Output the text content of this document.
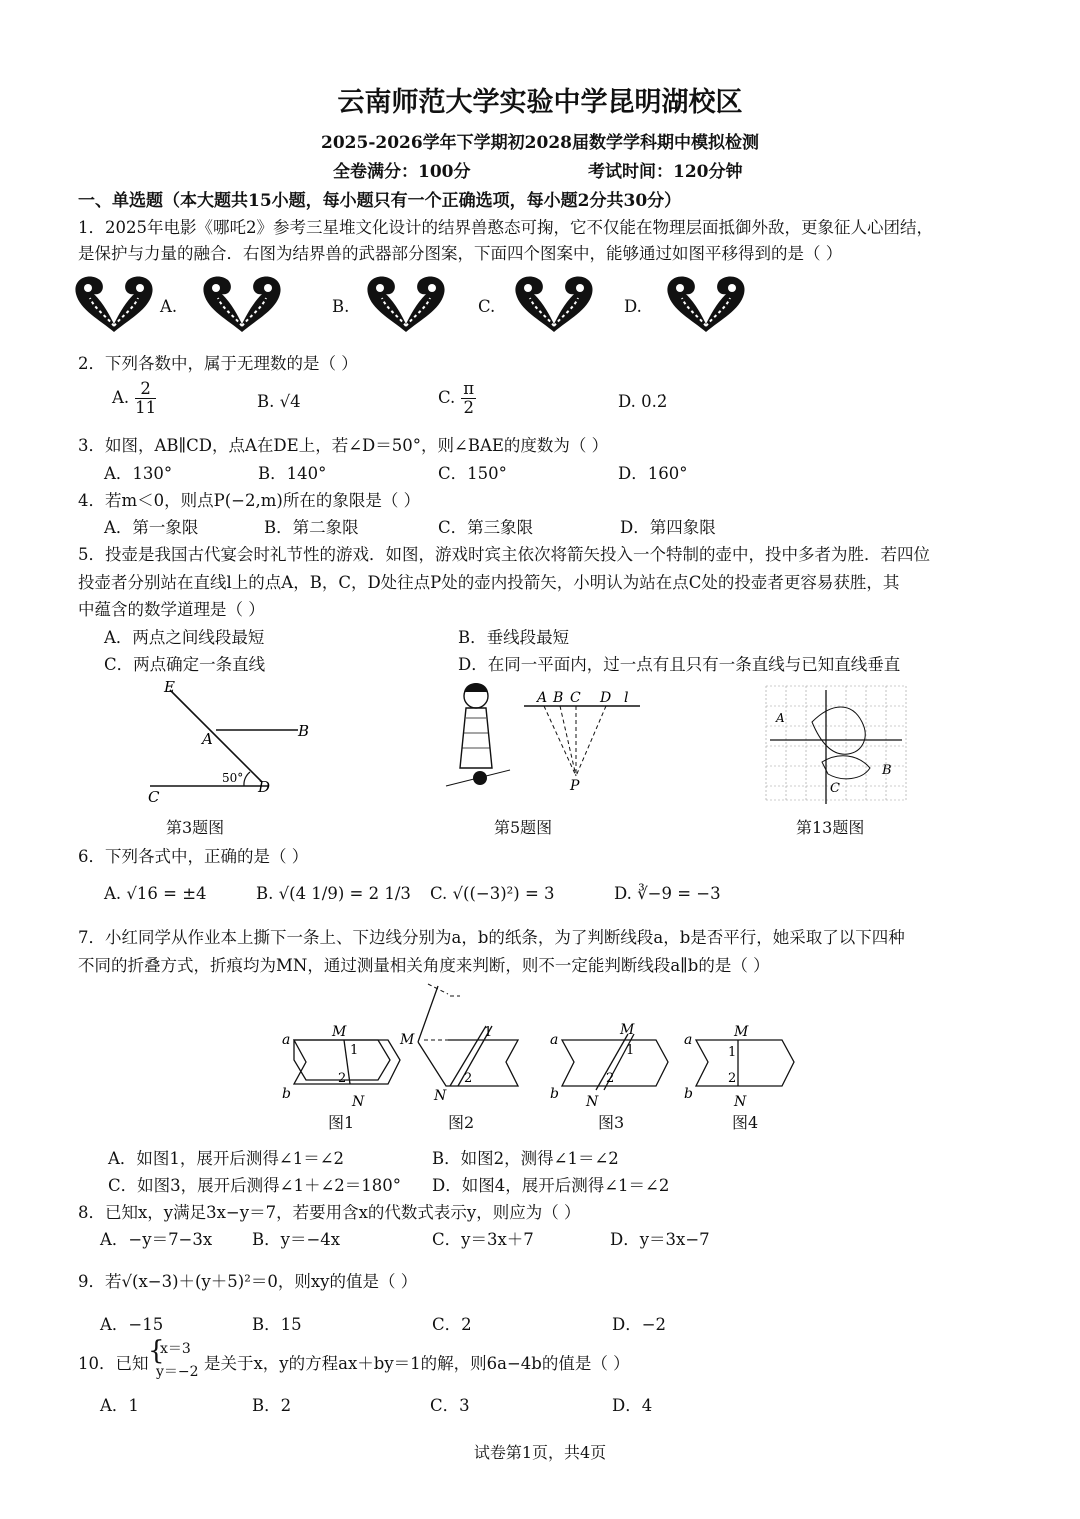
云南师范大学实验中学昆明湖校区
2025-2026学年下学期初2028届数学学科期中模拟检测
全卷满分：100分	考试时间：120分钟
一、单选题（本大题共15小题，每小题只有一个正确选项，每小题2分共30分）
1．2025年电影《哪吒2》参考三星堆文化设计的结界兽憨态可掬，它不仅能在物理层面抵御外敌，更象征人心团结，
是保护与力量的融合．右图为结界兽的武器部分图案，下面四个图案中，能够通过如图平移得到的是（ ）
A.	B.	C.	D.
2．下列各数中，属于无理数的是（ ）
A. $\frac{2}{11}$	B. √4	C. $\frac{\pi}{2}$	D. 0.2̇
3．如图，AB∥CD，点A在DE上，若∠D＝50°，则∠BAE的度数为（ ）
A．130°	B．140°	C．150°	D．160°
4．若m＜0，则点P(−2,m)所在的象限是（ ）
A．第一象限	B．第二象限	C．第三象限	D．第四象限
5．投壶是我国古代宴会时礼节性的游戏．如图，游戏时宾主依次将箭矢投入一个特制的壶中，投中多者为胜．若四位
投壶者分别站在直线l上的点A，B，C，D处往点P处的壶内投箭矢，小明认为站在点C处的投壶者更容易获胜，其
中蕴含的数学道理是（ ）
A．两点之间线段最短	B．垂线段最短
C．两点确定一条直线	D．在同一平面内，过一点有且只有一条直线与已知直线垂直
E
A	B
C
D
50°
第3题图
A B C D l
P
第5题图
A
B
C
第13题图
6．下列各式中，正确的是（ ）
A. √16 = ±4	B. √(4 1/9) = 2 1/3 C. √((−3)²) = 3	D. ∛−9 = −3
7．小红同学从作业本上撕下一条上、下边线分别为a，b的纸条，为了判断线段a，b是否平行，她采取了以下四种
不同的折叠方式，折痕均为MN，通过测量相关角度来判断，则不一定能判断线段a∥b的是（ ）
a
b
M
N
1
2
M
N
1
2
a
b
M
N
1
2
a
b
M
N
1
2
图1	图2	图3	图4
A．如图1，展开后测得∠1＝∠2	B．如图2，测得∠1＝∠2
C．如图3，展开后测得∠1＋∠2＝180° D．如图4，展开后测得∠1＝∠2
8．已知x，y满足3x−y＝7，若要用含x的代数式表示y，则应为（ ）
A．−y＝7−3x B．y＝−4x	C．y＝3x＋7	D．y＝3x−7
9．若√(x−3)＋(y＋5)²＝0，则xy的值是（ ）
A．−15	B．15	C．2	D．−2
10．已知 {
x＝3
y＝−2 是关于x，y的方程ax＋by＝1的解，则6a−4b的值是（ ）
A．1	B．2	C．3	D．4
试卷第1页，共4页
